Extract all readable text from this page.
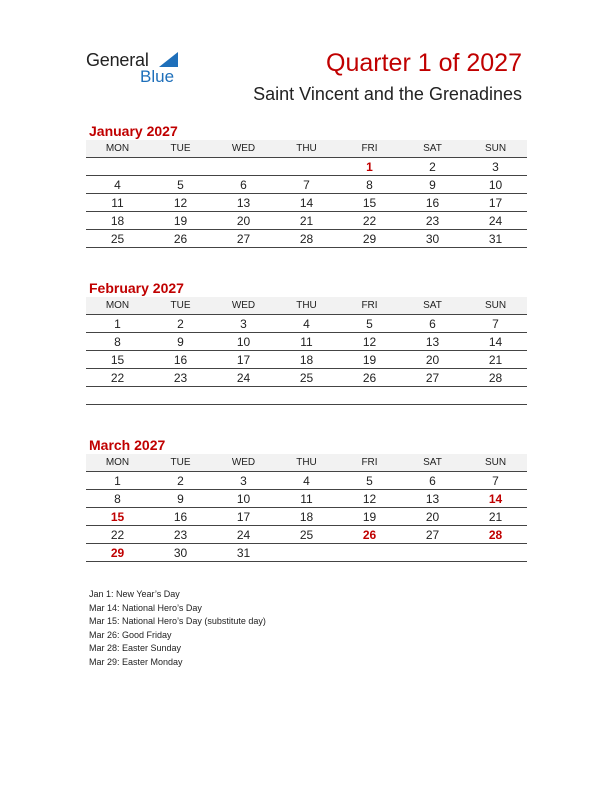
General
Blue	Quarter 1 of 2027
Saint Vincent and the Grenadines
January 2027
MON	TUE	WED	THU	FRI	SAT	SUN
				1	2	3
4	5	6	7	8	9	10
11	12	13	14	15	16	17
18	19	20	21	22	23	24
25	26	27	28	29	30	31
February 2027
MON	TUE	WED	THU	FRI	SAT	SUN
1	2	3	4	5	6	7
8	9	10	11	12	13	14
15	16	17	18	19	20	21
22	23	24	25	26	27	28

March 2027
MON	TUE	WED	THU	FRI	SAT	SUN
1	2	3	4	5	6	7
8	9	10	11	12	13	14
15	16	17	18	19	20	21
22	23	24	25	26	27	28
29	30	31				
Jan 1: New Year’s Day
Mar 14: National Hero’s Day
Mar 15: National Hero’s Day (substitute day)
Mar 26: Good Friday
Mar 28: Easter Sunday
Mar 29: Easter Monday
